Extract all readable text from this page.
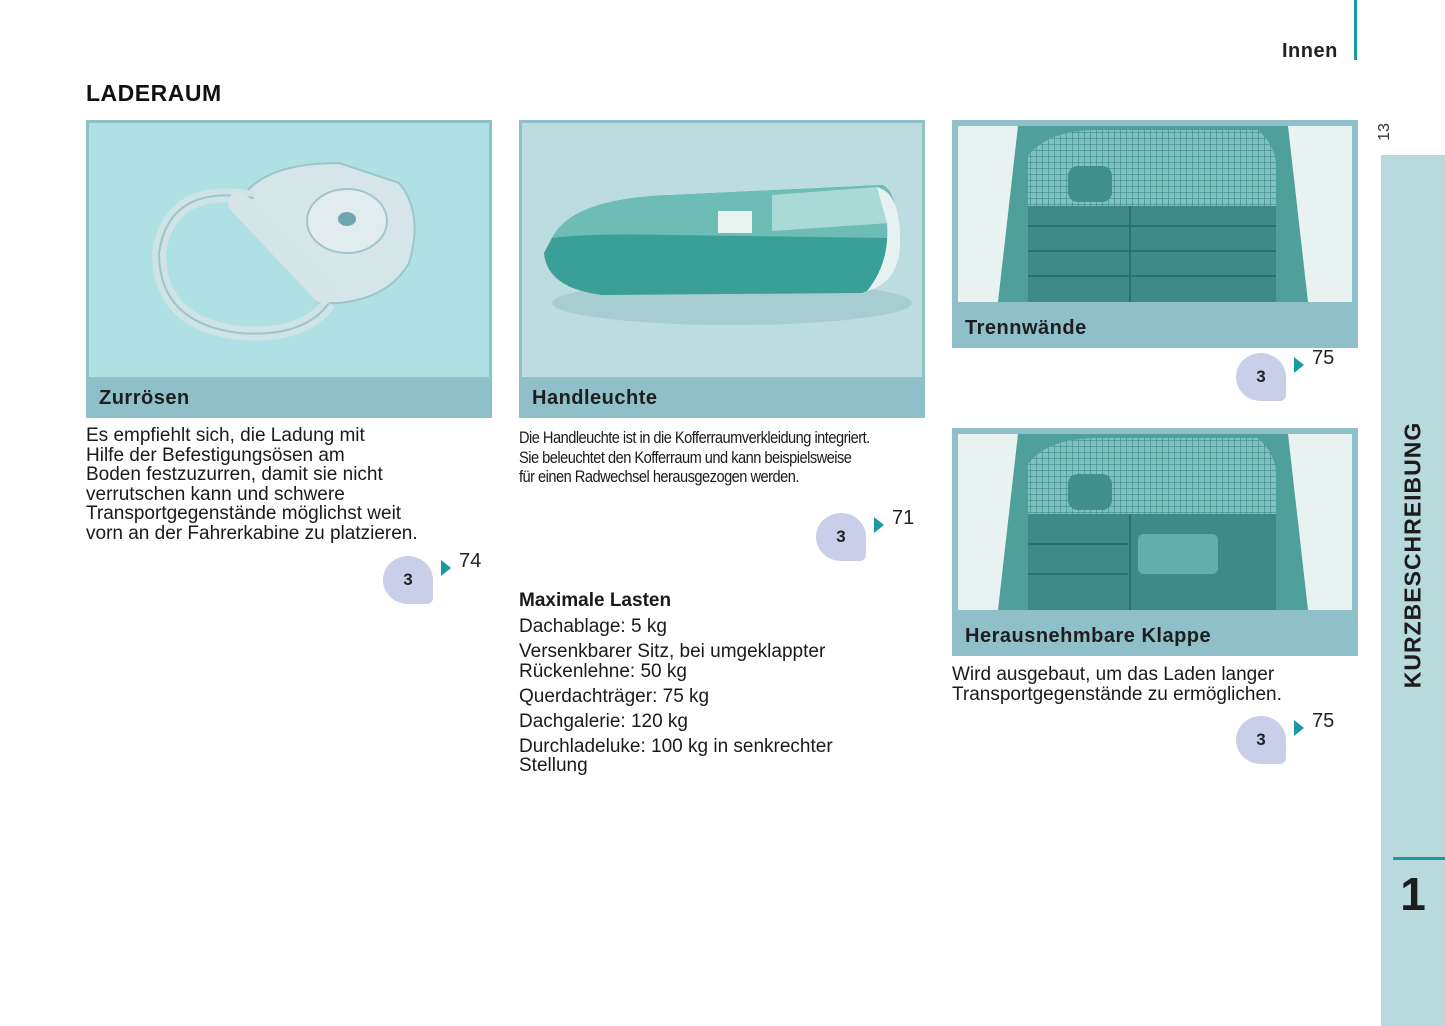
Innen
LADERAUM
13
KURZBESCHREIBUNG
1
Zurrösen	Handleuchte
Trennwände
Herausnehmbare Klappe
Es empfiehlt sich, die Ladung mit
Hilfe der Befestigungsösen am
Boden festzuzurren, damit sie nicht
verrutschen kann und schwere
Transportgegenstände möglichst weit
vorn an der Fahrerkabine zu platzieren.
Die Handleuchte ist in die Kofferraumverkleidung integriert.
Sie beleuchtet den Kofferraum und kann beispielsweise
für einen Radwechsel herausgezogen werden.
Wird ausgebaut, um das Laden langer
Transportgegenstände zu ermöglichen.
3
74
3
71
3
75
3
75
Maximale Lasten
Dachablage: 5 kg
Versenkbarer Sitz, bei umgeklappter
Rückenlehne: 50 kg
Querdachträger: 75 kg
Dachgalerie: 120 kg
Durchladeluke: 100 kg in senkrechter
Stellung
